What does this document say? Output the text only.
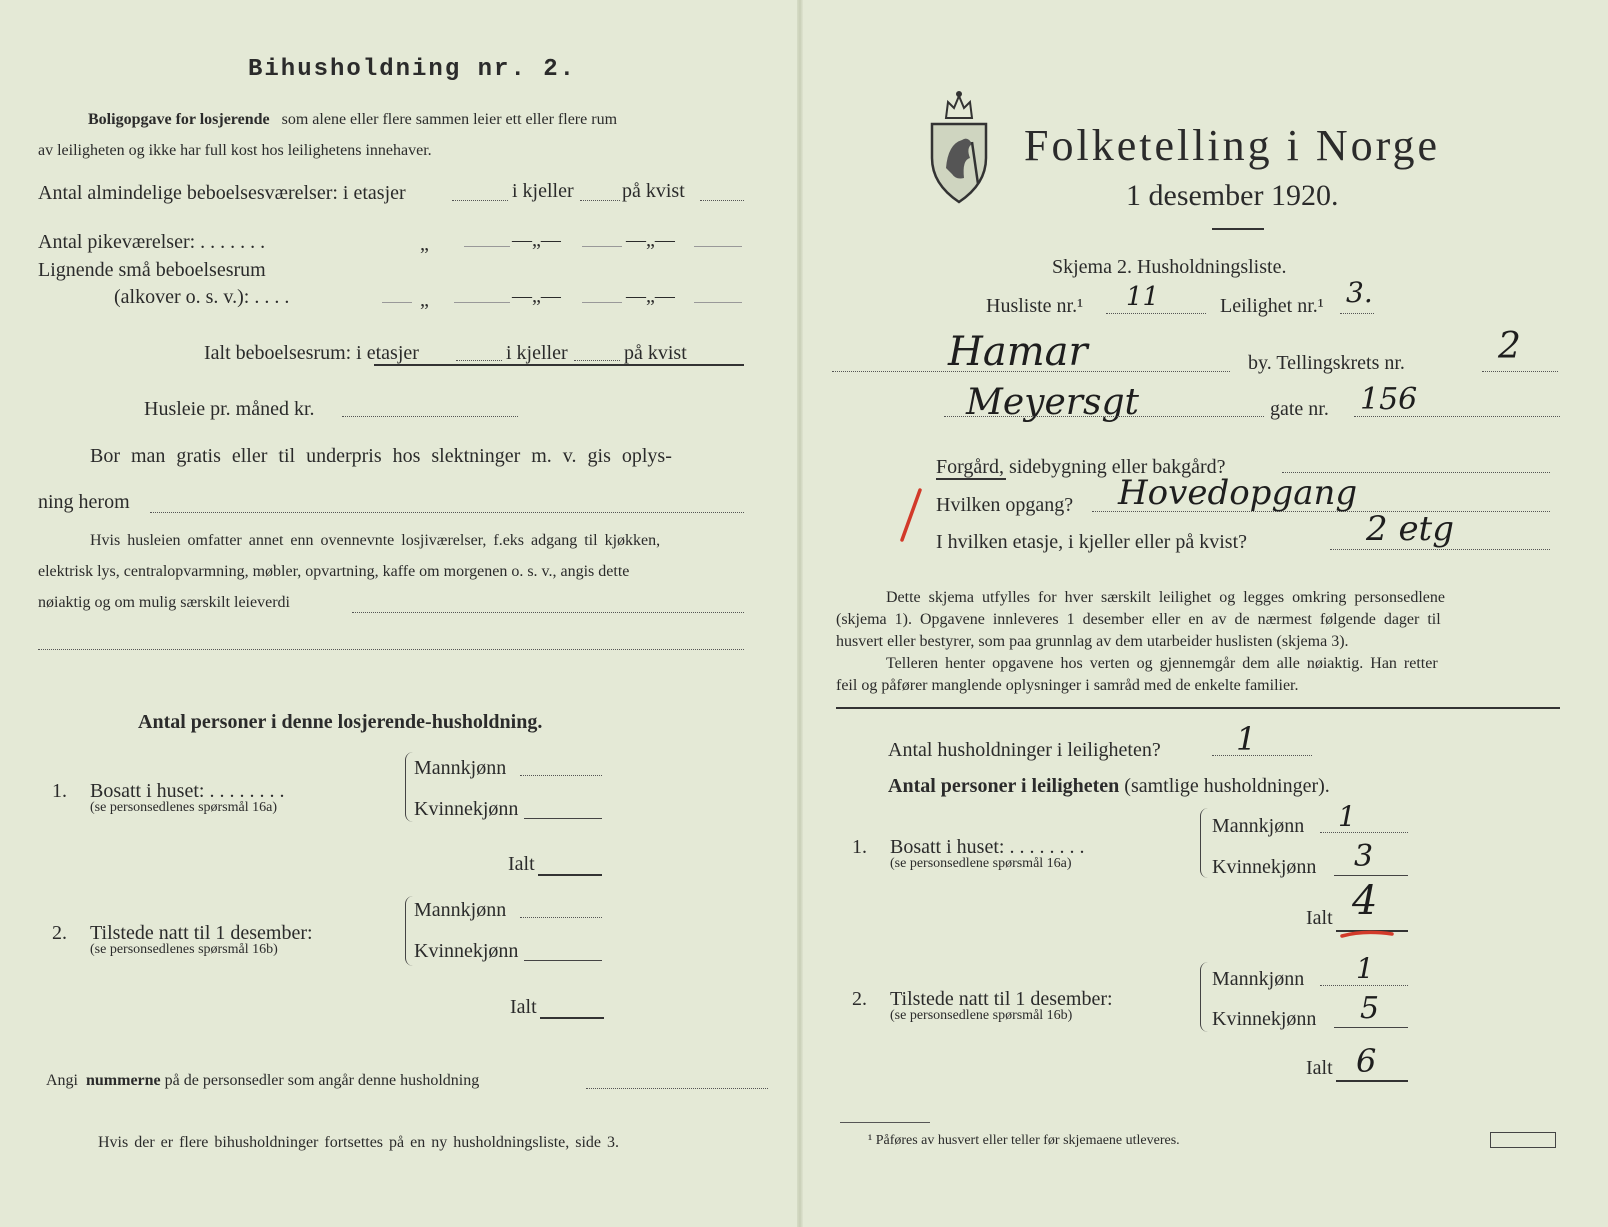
Bihusholdning nr. 2.
Boligopgave for losjerende som alene eller flere sammen leier ett eller flere rum
av leiligheten og ikke har full kost hos leilighetens innehaver.
Antal almindelige beboelsesværelser: i etasjer	i kjeller på kvist
Antal pikeværelser: . . . . . . .	„	—„—	—„—
Lignende små beboelsesrum
(alkover o. s. v.): . . . .	„	—„—	—„—
Ialt beboelsesrum: i etasjer	i kjeller	på kvist
Husleie pr. måned kr.
Bor man gratis eller til underpris hos slektninger m. v. gis oplys-
ning herom
Hvis husleien omfatter annet enn ovennevnte losjiværelser, f.eks adgang til kjøkken,
elektrisk lys, centralopvarmning, møbler, opvartning, kaffe om morgenen o. s. v., angis dette
nøiaktig og om mulig særskilt leieverdi
Antal personer i denne losjerende-husholdning.
1. Bosatt i huset: . . . . . . . .
(se personsedlenes spørsmål 16a)
Mannkjønn
Kvinnekjønn
Ialt
2. Tilstede natt til 1 desember:
(se personsedlenes spørsmål 16b)
Mannkjønn
Kvinnekjønn
Ialt
Angi nummerne på de personsedler som angår denne husholdning
Hvis der er flere bihusholdninger fortsettes på en ny husholdningsliste, side 3.
Folketelling i Norge
1 desember 1920.
Skjema 2. Husholdningsliste.
Husliste nr.¹ 11	Leilighet nr.¹ 3.
Hamar	by. Tellingskrets nr.	2
Meyersgt	gate nr. 156
Forgård, sidebygning eller bakgård?
Hvilken opgang? Hovedopgang
I hvilken etasje, i kjeller eller på kvist?	2 etg
Dette skjema utfylles for hver særskilt leilighet og legges omkring personsedlene
(skjema 1). Opgavene innleveres 1 desember eller en av de nærmest følgende dager til
husvert eller bestyrer, som paa grunnlag av dem utarbeider huslisten (skjema 3).
Telleren henter opgavene hos verten og gjennemgår dem alle nøiaktig. Han retter
feil og påfører manglende oplysninger i samråd med de enkelte familier.
Antal husholdninger i leiligheten? 1
Antal personer i leiligheten (samtlige husholdninger).
1. Bosatt i huset: . . . . . . . .
(se personsedlene spørsmål 16a)
Mannkjønn 1
Kvinnekjønn 3
Ialt 4
2. Tilstede natt til 1 desember:
(se personsedlene spørsmål 16b)
Mannkjønn 1
Kvinnekjønn 5
Ialt 6
¹ Påføres av husvert eller teller før skjemaene utleveres.
